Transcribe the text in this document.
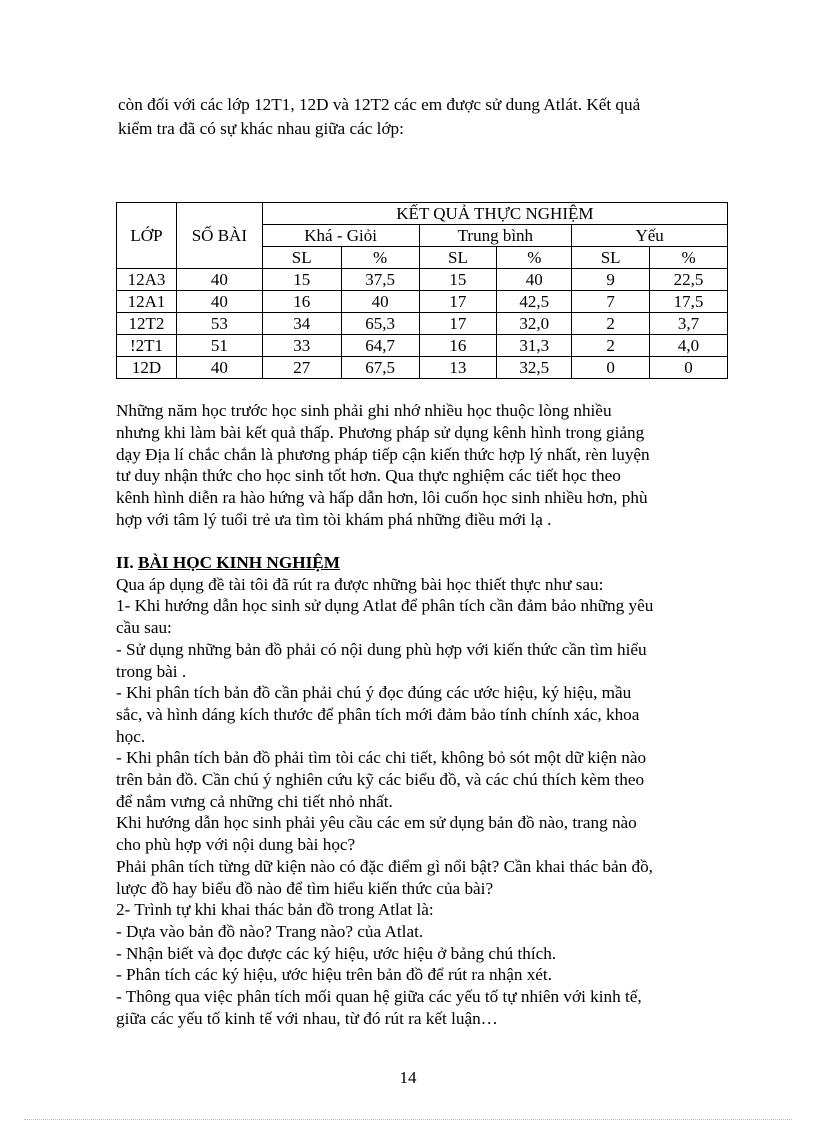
còn đối với các lớp 12T1, 12D và 12T2 các em được sử dung Atlát. Kết quả

kiểm tra đã có sự khác nhau giữa các lớp:

LỚP	SỐ BÀI	KẾT QUẢ THỰC NGHIỆM					
		Khá - Giỏi		Trung bình		Yếu	
		SL	%	SL	%	SL	%
12A3	40	15	37,5	15	40	9	22,5
12A1	40	16	40	17	42,5	7	17,5
12T2	53	34	65,3	17	32,0	2	3,7
!2T1	51	33	64,7	16	31,3	2	4,0
12D	40	27	67,5	13	32,5	0	0

Những năm học trước học sinh phải ghi nhớ nhiều học thuộc lòng nhiều

nhưng khi làm bài kết quả thấp. Phương pháp sử dụng kênh hình trong giảng

dạy Địa lí chắc chắn là phương pháp tiếp cận kiến thức hợp lý nhất, rèn luyện

tư duy nhận thức cho học sinh tốt hơn. Qua thực nghiệm các tiết học theo

kênh hình diễn ra hào hứng và hấp dẫn hơn, lôi cuốn học sinh nhiều hơn, phù

hợp với tâm lý tuổi trẻ ưa tìm tòi khám phá những điều mới lạ .

II. BÀI HỌC KINH NGHIỆM

Qua áp dụng đề tài tôi đã rút ra được những bài học thiết thực như sau:

1- Khi hướng dẫn học sinh sử dụng Atlat để phân tích cần đảm bảo những yêu

cầu sau:

- Sử dụng những bản đồ phải có nội dung phù hợp với kiến thức cần tìm hiểu

trong bài .

- Khi phân tích bản đồ cần phải chú ý đọc đúng các ước hiệu, ký hiệu, mầu

sắc, và hình dáng kích thước để phân tích mới đảm bảo tính chính xác, khoa

học.

- Khi phân tích bản đồ phải tìm tòi các chi tiết, không bỏ sót một dữ kiện nào

trên bản đồ. Cần chú ý nghiên cứu kỹ các biểu đồ, và các chú thích kèm theo

để nắm vưng cả những chi tiết nhỏ nhất.

Khi hướng dẫn học sinh phải yêu cầu các em sử dụng bản đồ nào, trang nào

cho phù hợp với nội dung bài học?

Phải phân tích từng dữ kiện nào có đặc điểm gì nổi bật? Cần khai thác bản đồ,

lược đồ hay biểu đồ nào để tìm hiểu kiến thức của bài?

2- Trình tự khi khai thác bản đồ trong Atlat là:

- Dựa vào bản đồ nào? Trang nào? của Atlat.

- Nhận biết và đọc được các ký hiệu, ước hiệu ở bảng chú thích.

- Phân tích các ký hiệu, ước hiệu trên bản đồ để rút ra nhận xét.

- Thông qua việc phân tích mối quan hệ giữa các yếu tố tự nhiên với kinh tế,

giữa các yếu tố kinh tế với nhau, từ đó rút ra kết luận…

14
